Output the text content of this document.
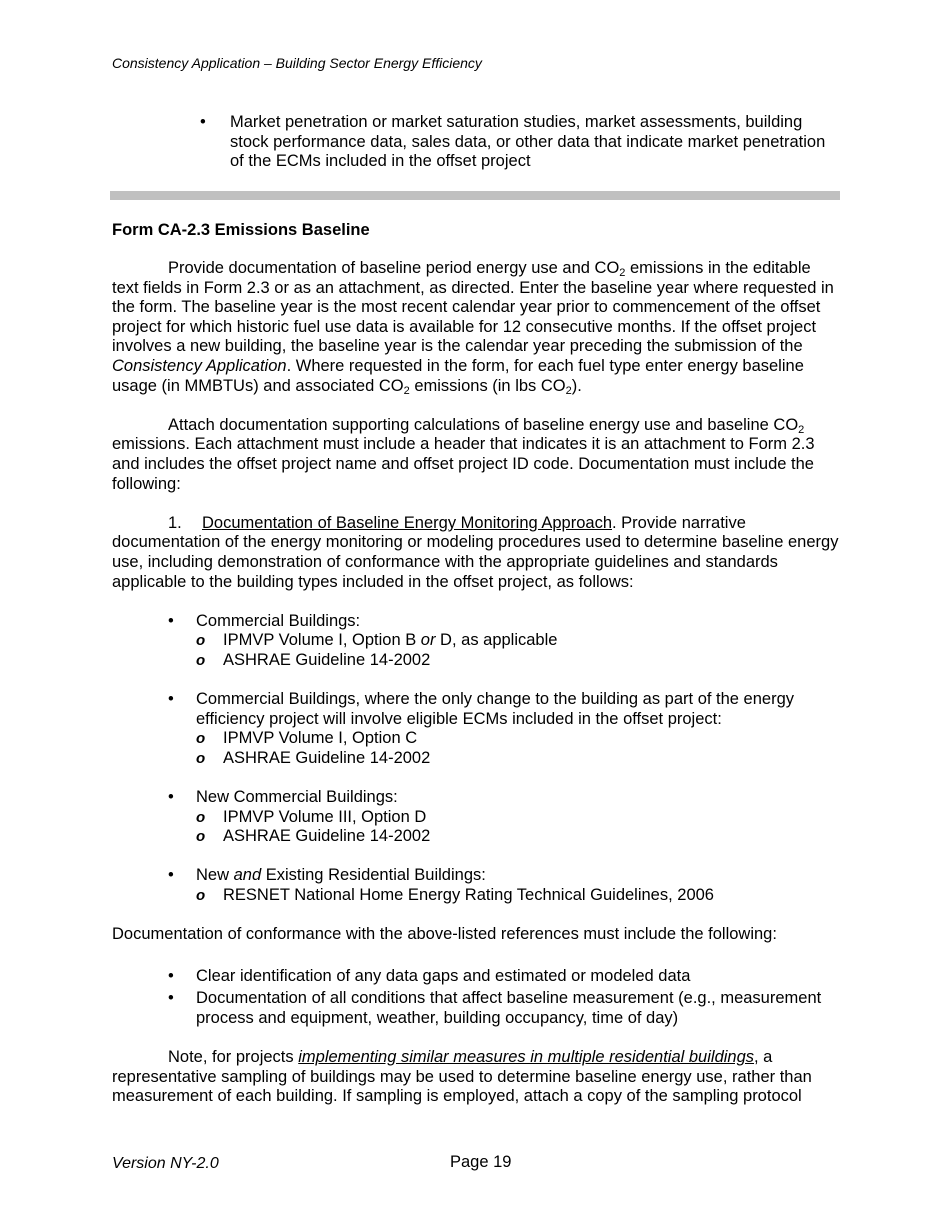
Consistency Application – Building Sector Energy Efficiency
• Market penetration or market saturation studies, market assessments, building stock performance data, sales data, or other data that indicate market penetration of the ECMs included in the offset project
Form CA-2.3 Emissions Baseline

Provide documentation of baseline period energy use and $CO_2$ emissions in the editable text fields in Form 2.3 or as an attachment, as directed. Enter the baseline year where requested in the form. The baseline year is the most recent calendar year prior to commencement of the offset project for which historic fuel use data is available for 12 consecutive months. If the offset project involves a new building, the baseline year is the calendar year preceding the submission of the Consistency Application. Where requested in the form, for each fuel type enter energy baseline usage (in MMBTUs) and associated $CO_2$ emissions (in lbs $CO_2$).

Attach documentation supporting calculations of baseline energy use and baseline $CO_2$ emissions. Each attachment must include a header that indicates it is an attachment to Form 2.3 and includes the offset project name and offset project ID code. Documentation must include the following:

1. Documentation of Baseline Energy Monitoring Approach. Provide narrative documentation of the energy monitoring or modeling procedures used to determine baseline energy use, including demonstration of conformance with the appropriate guidelines and standards applicable to the building types included in the offset project, as follows:

• Commercial Buildings:
o IPMVP Volume I, Option B or D, as applicable
o ASHRAE Guideline 14-2002
• Commercial Buildings, where the only change to the building as part of the energy efficiency project will involve eligible ECMs included in the offset project:
o IPMVP Volume I, Option C
o ASHRAE Guideline 14-2002
• New Commercial Buildings:
o IPMVP Volume III, Option D
o ASHRAE Guideline 14-2002
• New and Existing Residential Buildings:
o RESNET National Home Energy Rating Technical Guidelines, 2006

Documentation of conformance with the above-listed references must include the following:

• Clear identification of any data gaps and estimated or modeled data
• Documentation of all conditions that affect baseline measurement (e.g., measurement process and equipment, weather, building occupancy, time of day)

Note, for projects implementing similar measures in multiple residential buildings, a representative sampling of buildings may be used to determine baseline energy use, rather than measurement of each building. If sampling is employed, attach a copy of the sampling protocol

Version NY-2.0	Page 19
